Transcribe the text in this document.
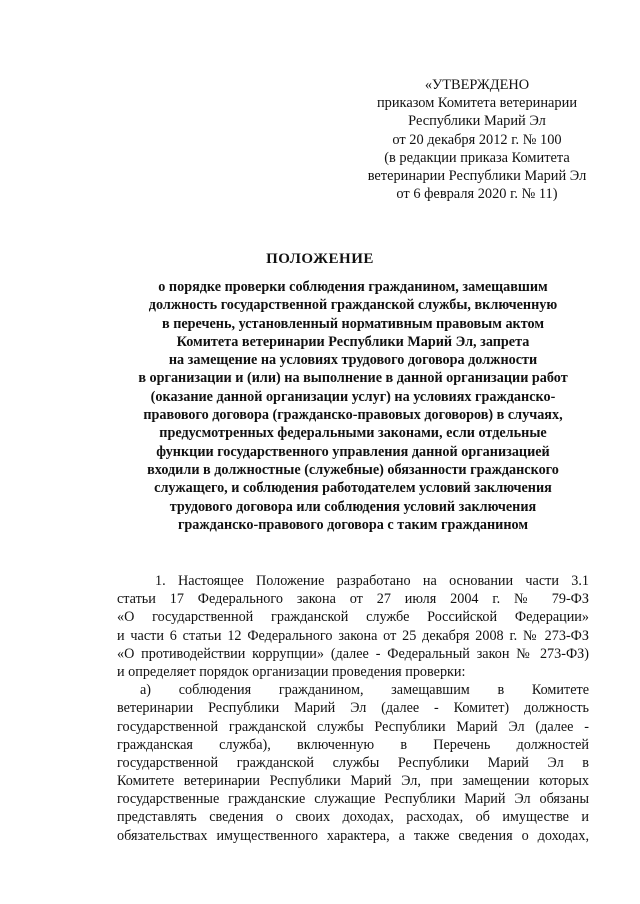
«УТВЕРЖДЕНО
приказом Комитета ветеринарии
Республики Марий Эл
от 20 декабря 2012 г. № 100
(в редакции приказа Комитета
ветеринарии Республики Марий Эл
от 6 февраля 2020 г. № 11)
ПОЛОЖЕНИЕ
о порядке проверки соблюдения гражданином, замещавшим
должность государственной гражданской службы, включенную
в перечень, установленный нормативным правовым актом
Комитета ветеринарии Республики Марий Эл, запрета
на замещение на условиях трудового договора должности
в организации и (или) на выполнение в данной организации работ
(оказание данной организации услуг) на условиях гражданско-
правового договора (гражданско-правовых договоров) в случаях,
предусмотренных федеральными законами, если отдельные
функции государственного управления данной организацией
входили в должностные (служебные) обязанности гражданского
служащего, и соблюдения работодателем условий заключения
трудового договора или соблюдения условий заключения
гражданско-правового договора с таким гражданином
1. Настоящее Положение разработано на основании части 3.1
статьи 17 Федерального закона от 27 июля 2004 г. № 79-ФЗ
«О государственной гражданской службе Российской Федерации»
и части 6 статьи 12 Федерального закона от 25 декабря 2008 г. № 273-ФЗ
«О противодействии коррупции» (далее - Федеральный закон № 273-ФЗ)
и определяет порядок организации проведения проверки:
а) соблюдения гражданином, замещавшим в Комитете
ветеринарии Республики Марий Эл (далее - Комитет) должность
государственной гражданской службы Республики Марий Эл (далее -
гражданская служба), включенную в Перечень должностей
государственной гражданской службы Республики Марий Эл в
Комитете ветеринарии Республики Марий Эл, при замещении которых
государственные гражданские служащие Республики Марий Эл обязаны
представлять сведения о своих доходах, расходах, об имуществе и
обязательствах имущественного характера, а также сведения о доходах,
